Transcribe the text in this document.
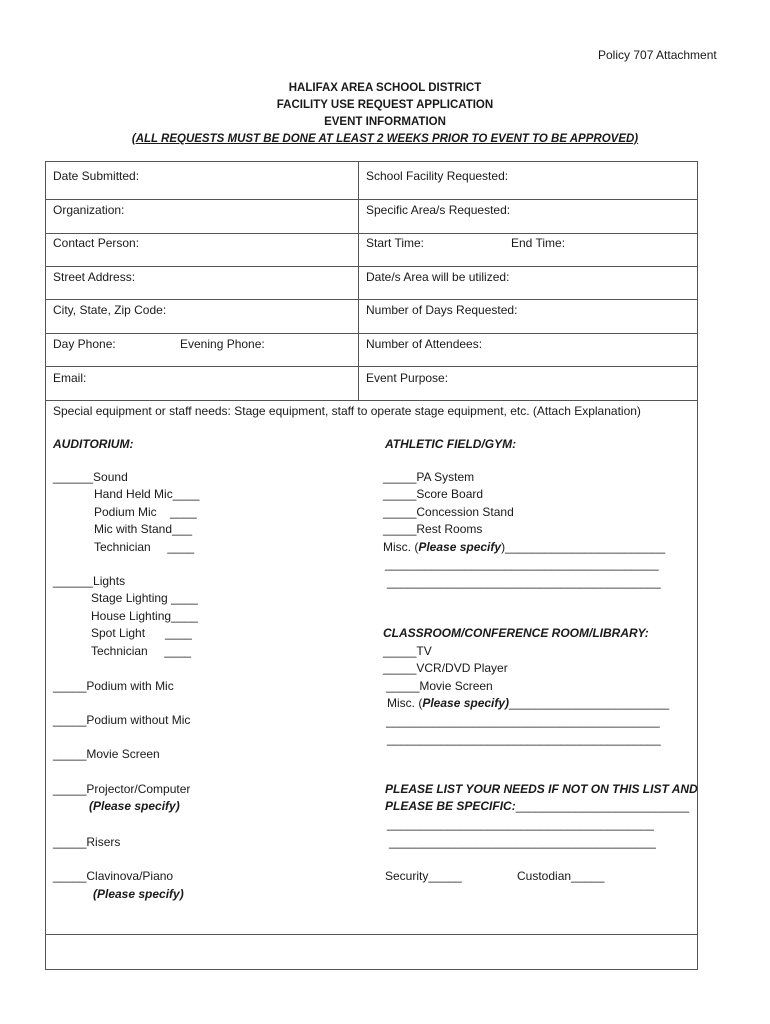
Policy 707 Attachment
HALIFAX AREA SCHOOL DISTRICT
FACILITY USE REQUEST APPLICATION
EVENT INFORMATION
(ALL REQUESTS MUST BE DONE AT LEAST 2 WEEKS PRIOR TO EVENT TO BE APPROVED)
Date Submitted:	School Facility Requested:
Organization:	Specific Area/s Requested:
Contact Person:	Start Time:	End Time:
Street Address:	Date/s Area will be utilized:
City, State, Zip Code:	Number of Days Requested:
Day Phone:	Evening Phone:	Number of Attendees:
Email:	Event Purpose:
Special equipment or staff needs: Stage equipment, staff to operate stage equipment, etc. (Attach Explanation)
AUDITORIUM:
______Sound
Hand Held Mic____
Podium Mic    ____
Mic with Stand___
Technician     ____
______Lights
Stage Lighting ____
House Lighting____
Spot Light      ____
Technician     ____
_____Podium with Mic
_____Podium without Mic
_____Movie Screen
_____Projector/Computer
(Please specify)
_____Risers
_____Clavinova/Piano
(Please specify)
ATHLETIC FIELD/GYM:
_____PA System
_____Score Board
_____Concession Stand
_____Rest Rooms
Misc. (Please specify)________________________
_________________________________________
_________________________________________
CLASSROOM/CONFERENCE ROOM/LIBRARY:
_____TV
_____VCR/DVD Player
_____Movie Screen
Misc. (Please specify)________________________
_________________________________________
_________________________________________
PLEASE LIST YOUR NEEDS IF NOT ON THIS LIST AND
PLEASE BE SPECIFIC:__________________________
________________________________________
________________________________________
Security_____	Custodian_____
